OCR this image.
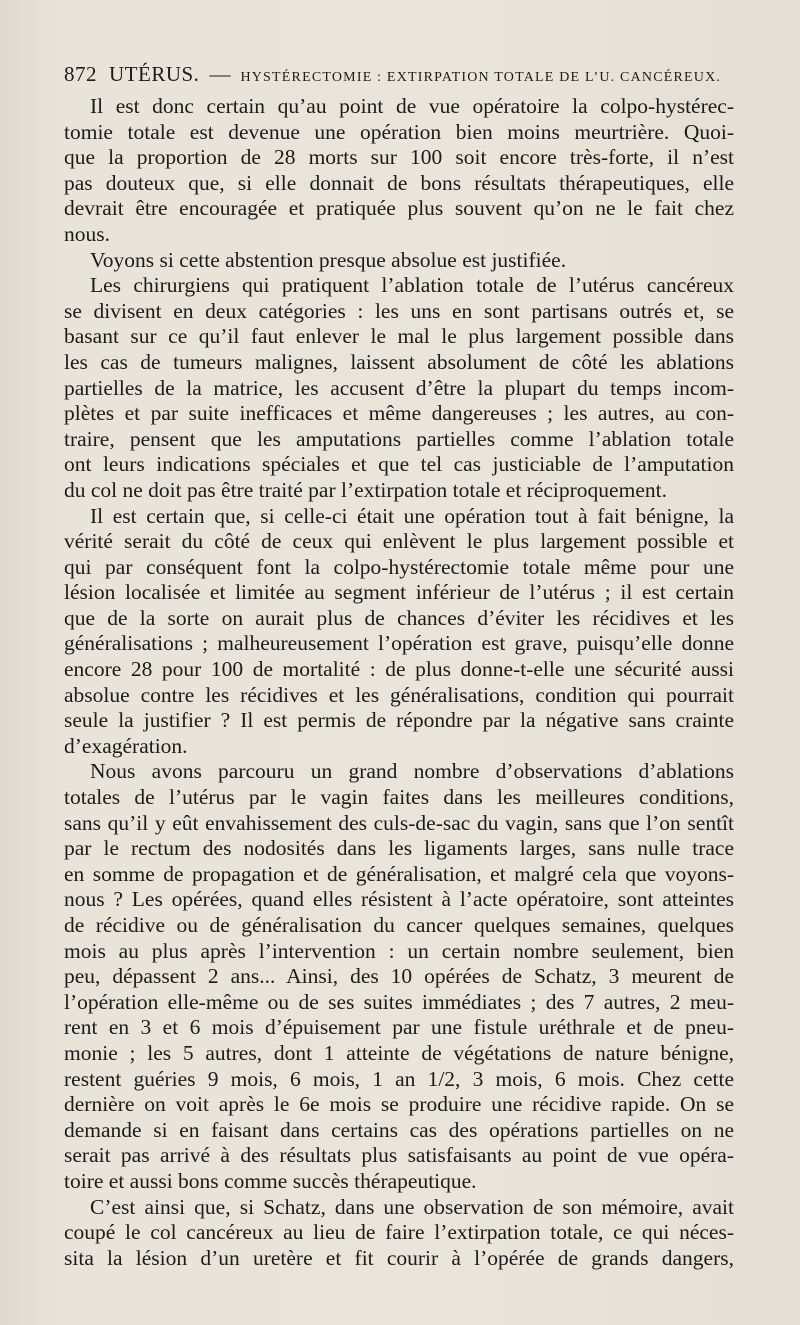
872 UTÉRUS. — HYSTÉRECTOMIE : EXTIRPATION TOTALE DE L’U. CANCÉREUX.
Il est donc certain qu’au point de vue opératoire la colpo-hystérec-
tomie totale est devenue une opération bien moins meurtrière. Quoi-
que la proportion de 28 morts sur 100 soit encore très-forte, il n’est
pas douteux que, si elle donnait de bons résultats thérapeutiques, elle
devrait être encouragée et pratiquée plus souvent qu’on ne le fait chez
nous.
Voyons si cette abstention presque absolue est justifiée.
Les chirurgiens qui pratiquent l’ablation totale de l’utérus cancéreux
se divisent en deux catégories : les uns en sont partisans outrés et, se
basant sur ce qu’il faut enlever le mal le plus largement possible dans
les cas de tumeurs malignes, laissent absolument de côté les ablations
partielles de la matrice, les accusent d’être la plupart du temps incom-
plètes et par suite inefficaces et même dangereuses ; les autres, au con-
traire, pensent que les amputations partielles comme l’ablation totale
ont leurs indications spéciales et que tel cas justiciable de l’amputation
du col ne doit pas être traité par l’extirpation totale et réciproquement.
Il est certain que, si celle-ci était une opération tout à fait bénigne, la
vérité serait du côté de ceux qui enlèvent le plus largement possible et
qui par conséquent font la colpo-hystérectomie totale même pour une
lésion localisée et limitée au segment inférieur de l’utérus ; il est certain
que de la sorte on aurait plus de chances d’éviter les récidives et les
généralisations ; malheureusement l’opération est grave, puisqu’elle donne
encore 28 pour 100 de mortalité : de plus donne-t-elle une sécurité aussi
absolue contre les récidives et les généralisations, condition qui pourrait
seule la justifier ? Il est permis de répondre par la négative sans crainte
d’exagération.
Nous avons parcouru un grand nombre d’observations d’ablations
totales de l’utérus par le vagin faites dans les meilleures conditions,
sans qu’il y eût envahissement des culs-de-sac du vagin, sans que l’on sentît
par le rectum des nodosités dans les ligaments larges, sans nulle trace
en somme de propagation et de généralisation, et malgré cela que voyons-
nous ? Les opérées, quand elles résistent à l’acte opératoire, sont atteintes
de récidive ou de généralisation du cancer quelques semaines, quelques
mois au plus après l’intervention : un certain nombre seulement, bien
peu, dépassent 2 ans... Ainsi, des 10 opérées de Schatz, 3 meurent de
l’opération elle-même ou de ses suites immédiates ; des 7 autres, 2 meu-
rent en 3 et 6 mois d’épuisement par une fistule uréthrale et de pneu-
monie ; les 5 autres, dont 1 atteinte de végétations de nature bénigne,
restent guéries 9 mois, 6 mois, 1 an 1/2, 3 mois, 6 mois. Chez cette
dernière on voit après le 6e mois se produire une récidive rapide. On se
demande si en faisant dans certains cas des opérations partielles on ne
serait pas arrivé à des résultats plus satisfaisants au point de vue opéra-
toire et aussi bons comme succès thérapeutique.
C’est ainsi que, si Schatz, dans une observation de son mémoire, avait
coupé le col cancéreux au lieu de faire l’extirpation totale, ce qui néces-
sita la lésion d’un uretère et fit courir à l’opérée de grands dangers,
